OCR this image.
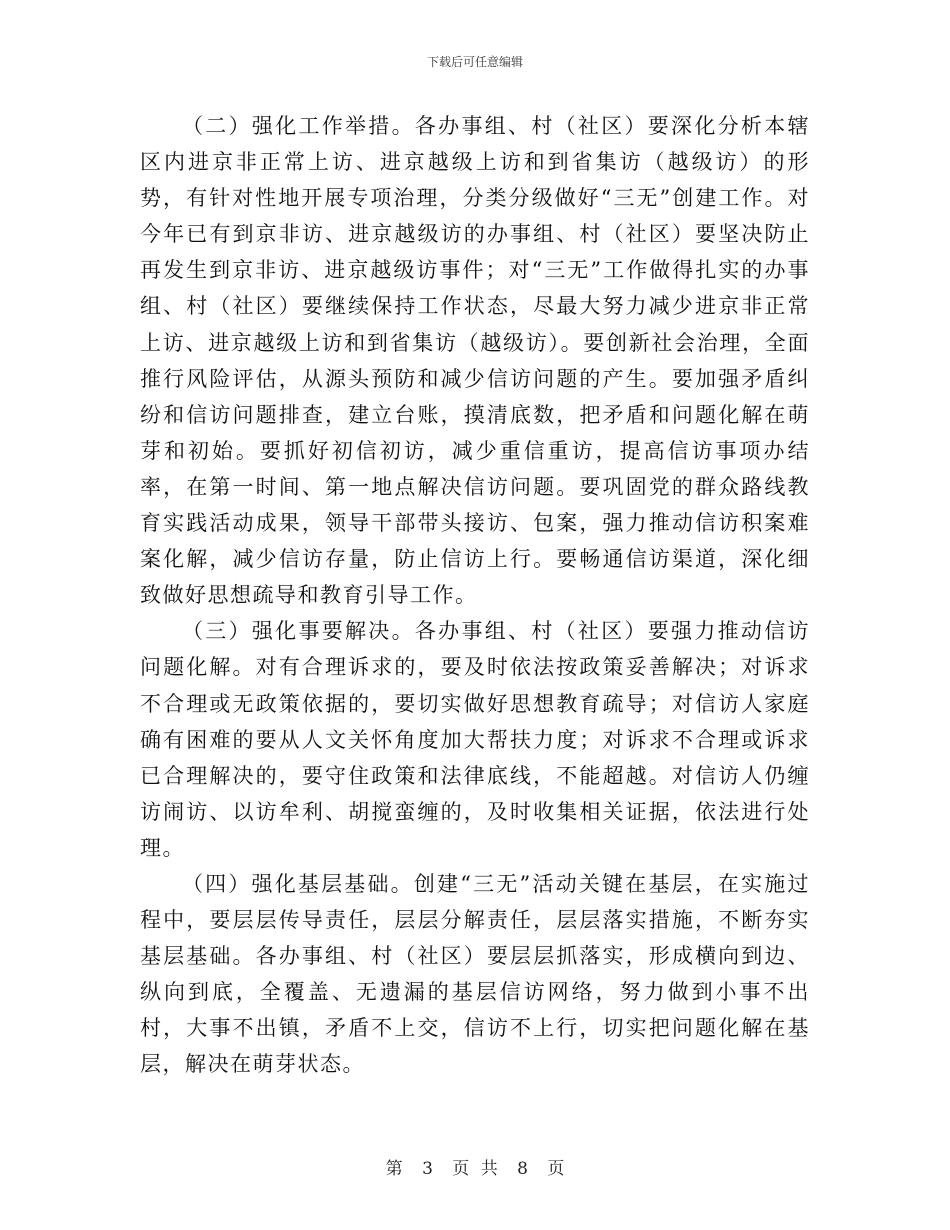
下载后可任意编辑

（二）强化工作举措。各办事组、村（社区）要深化分析本辖区内进京非正常上访、进京越级上访和到省集访（越级访）的形势，有针对性地开展专项治理，分类分级做好“三无”创建工作。对今年已有到京非访、进京越级访的办事组、村（社区）要坚决防止再发生到京非访、进京越级访事件；对“三无”工作做得扎实的办事组、村（社区）要继续保持工作状态，尽最大努力减少进京非正常上访、进京越级上访和到省集访（越级访）。要创新社会治理，全面推行风险评估，从源头预防和减少信访问题的产生。要加强矛盾纠纷和信访问题排查，建立台账，摸清底数，把矛盾和问题化解在萌芽和初始。要抓好初信初访，减少重信重访，提高信访事项办结率，在第一时间、第一地点解决信访问题。要巩固党的群众路线教育实践活动成果，领导干部带头接访、包案，强力推动信访积案难案化解，减少信访存量，防止信访上行。要畅通信访渠道，深化细致做好思想疏导和教育引导工作。

（三）强化事要解决。各办事组、村（社区）要强力推动信访问题化解。对有合理诉求的，要及时依法按政策妥善解决；对诉求不合理或无政策依据的，要切实做好思想教育疏导；对信访人家庭确有困难的要从人文关怀角度加大帮扶力度；对诉求不合理或诉求已合理解决的，要守住政策和法律底线，不能超越。对信访人仍缠访闹访、以访牟利、胡搅蛮缠的，及时收集相关证据，依法进行处理。

（四）强化基层基础。创建“三无”活动关键在基层，在实施过程中，要层层传导责任，层层分解责任，层层落实措施，不断夯实基层基础。各办事组、村（社区）要层层抓落实，形成横向到边、纵向到底，全覆盖、无遗漏的基层信访网络，努力做到小事不出村，大事不出镇，矛盾不上交，信访不上行，切实把问题化解在基层，解决在萌芽状态。

第 3 页 共 8 页
